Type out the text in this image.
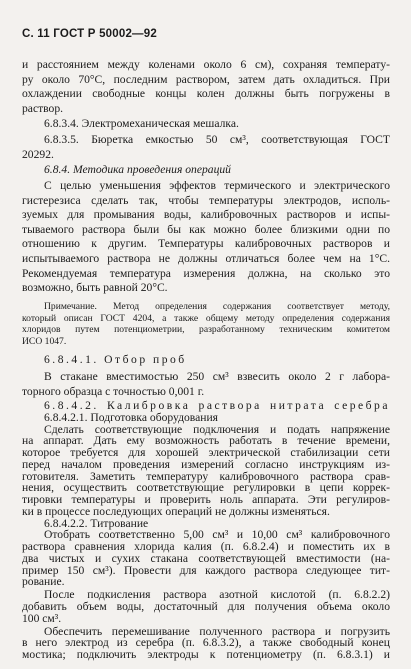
С. 11 ГОСТ Р 50002—92
и расстоянием между коленами около 6 см), сохраняя температу-
ру около 70°С, последним раствором, затем дать охладиться. При
охлаждении свободные концы колен должны быть погружены в
раствор.
6.8.3.4. Электромеханическая мешалка.
6.8.3.5. Бюретка емкостью 50 см³, соответствующая ГОСТ
20292.
6.8.4. Методика проведения операций
С целью уменьшения эффектов термического и электрического
гистерезиса сделать так, чтобы температуры электродов, исполь-
зуемых для промывания воды, калибровочных растворов и испы-
тываемого раствора были бы как можно более близкими одни по
отношению к другим. Температуры калибровочных растворов и
испытываемого раствора не должны отличаться более чем на 1°С.
Рекомендуемая температура измерения должна, на сколько это
возможно, быть равной 20°С.
Примечание. Метод определения содержания соответствует методу,
который описан ГОСТ 4204, а также общему методу определения содержания
хлоридов путем потенциометрии, разработанному техническим комитетом
ИСО 1047.
6.8.4.1. Отбор проб
В стакане вместимостью 250 см³ взвесить около 2 г лабора-
торного образца с точностью 0,001 г.
6.8.4.2. Калибровка раствора нитрата серебра
6.8.4.2.1. Подготовка оборудования
Сделать соответствующие подключения и подать напряжение
на аппарат. Дать ему возможность работать в течение времени,
которое требуется для хорошей электрической стабилизации сети
перед началом проведения измерений согласно инструкциям из-
готовителя. Заметить температуру калибровочного раствора срав-
нения, осуществить соответствующие регулировки в цепи коррек-
тировки температуры и проверить ноль аппарата. Эти регулиров-
ки в процессе последующих операций не должны изменяться.
6.8.4.2.2. Титрование
Отобрать соответственно 5,00 см³ и 10,00 см³ калибровочного
раствора сравнения хлорида калия (п. 6.8.2.4) и поместить их в
два чистых и сухих стакана соответствующей вместимости (на-
пример 150 см³). Провести для каждого раствора следующее тит-
рование.
После подкисления раствора азотной кислотой (п. 6.8.2.2)
добавить объем воды, достаточный для получения объема около
100 см³.
Обеспечить перемешивание полученного раствора и погрузить
в него электрод из серебра (п. 6.8.3.2), а также свободный конец
мостика; подключить электроды к потенциометру (п. 6.8.3.1) и
